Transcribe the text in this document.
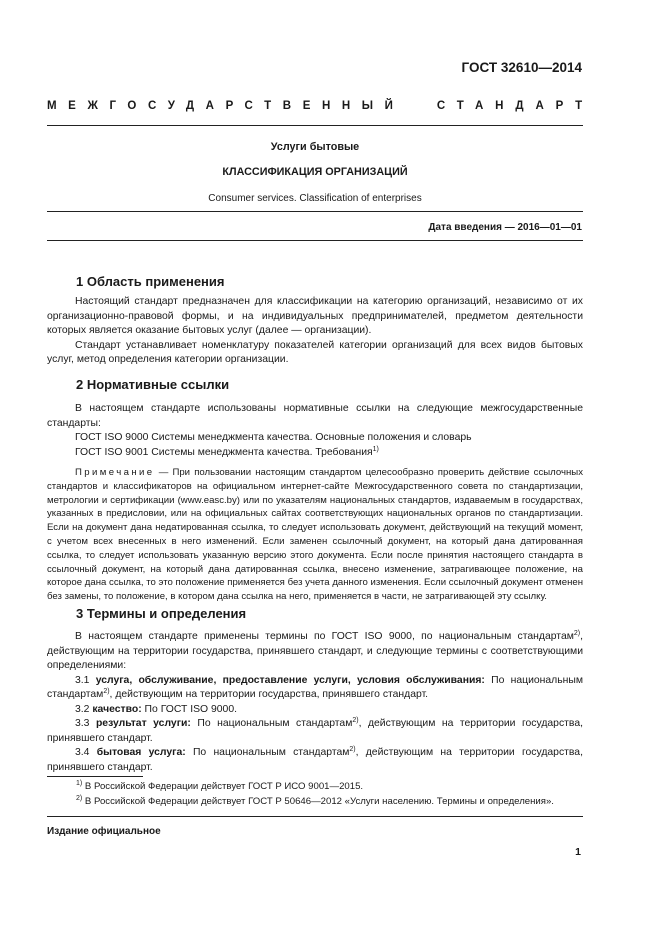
ГОСТ 32610—2014
МЕЖГОСУДАРСТВЕННЫЙ	СТАНДАРТ
Услуги бытовые
КЛАССИФИКАЦИЯ ОРГАНИЗАЦИЙ
Consumer services. Classification of enterprises
Дата введения — 2016—01—01
1 Область применения

Настоящий стандарт предназначен для классификации на категорию организаций, независимо от их организационно-правовой формы, и на индивидуальных предпринимателей, предметом деятельности которых является оказание бытовых услуг (далее — организации).

Стандарт устанавливает номенклатуру показателей категории организаций для всех видов бытовых услуг, метод определения категории организации.

2 Нормативные ссылки

В настоящем стандарте использованы нормативные ссылки на следующие межгосударственные стандарты:

ГОСТ ISO 9000 Системы менеджмента качества. Основные положения и словарь

ГОСТ ISO 9001 Системы менеджмента качества. Требования$^{1)}$

Примечание — При пользовании настоящим стандартом целесообразно проверить действие ссылочных стандартов и классификаторов на официальном интернет-сайте Межгосударственного совета по стандартизации, метрологии и сертификации (www.easc.by) или по указателям национальных стандартов, издаваемым в государствах, указанных в предисловии, или на официальных сайтах соответствующих национальных органов по стандартизации. Если на документ дана недатированная ссылка, то следует использовать документ, действующий на текущий момент, с учетом всех внесенных в него изменений. Если заменен ссылочный документ, на который дана датированная ссылка, то следует использовать указанную версию этого документа. Если после принятия настоящего стандарта в ссылочный документ, на который дана датированная ссылка, внесено изменение, затрагивающее положение, на которое дана ссылка, то это положение применяется без учета данного изменения. Если ссылочный документ отменен без замены, то положение, в котором дана ссылка на него, применяется в части, не затрагивающей эту ссылку.

3 Термины и определения

В настоящем стандарте применены термины по ГОСТ ISO 9000, по национальным стандартам$^{2)}$, действующим на территории государства, принявшего стандарт, и следующие термины с соответствующими определениями:

3.1 услуга, обслуживание, предоставление услуги, условия обслуживания: По национальным стандартам$^{2)}$, действующим на территории государства, принявшего стандарт.

3.2 качество: По ГОСТ ISO 9000.

3.3 результат услуги: По национальным стандартам$^{2)}$, действующим на территории государства, принявшего стандарт.

3.4 бытовая услуга: По национальным стандартам$^{2)}$, действующим на территории государства, принявшего стандарт.

$^{1)}$ В Российской Федерации действует ГОСТ Р ИСО 9001—2015.
$^{2)}$ В Российской Федерации действует ГОСТ Р 50646—2012 «Услуги населению. Термины и определения».
Издание официальное
1
